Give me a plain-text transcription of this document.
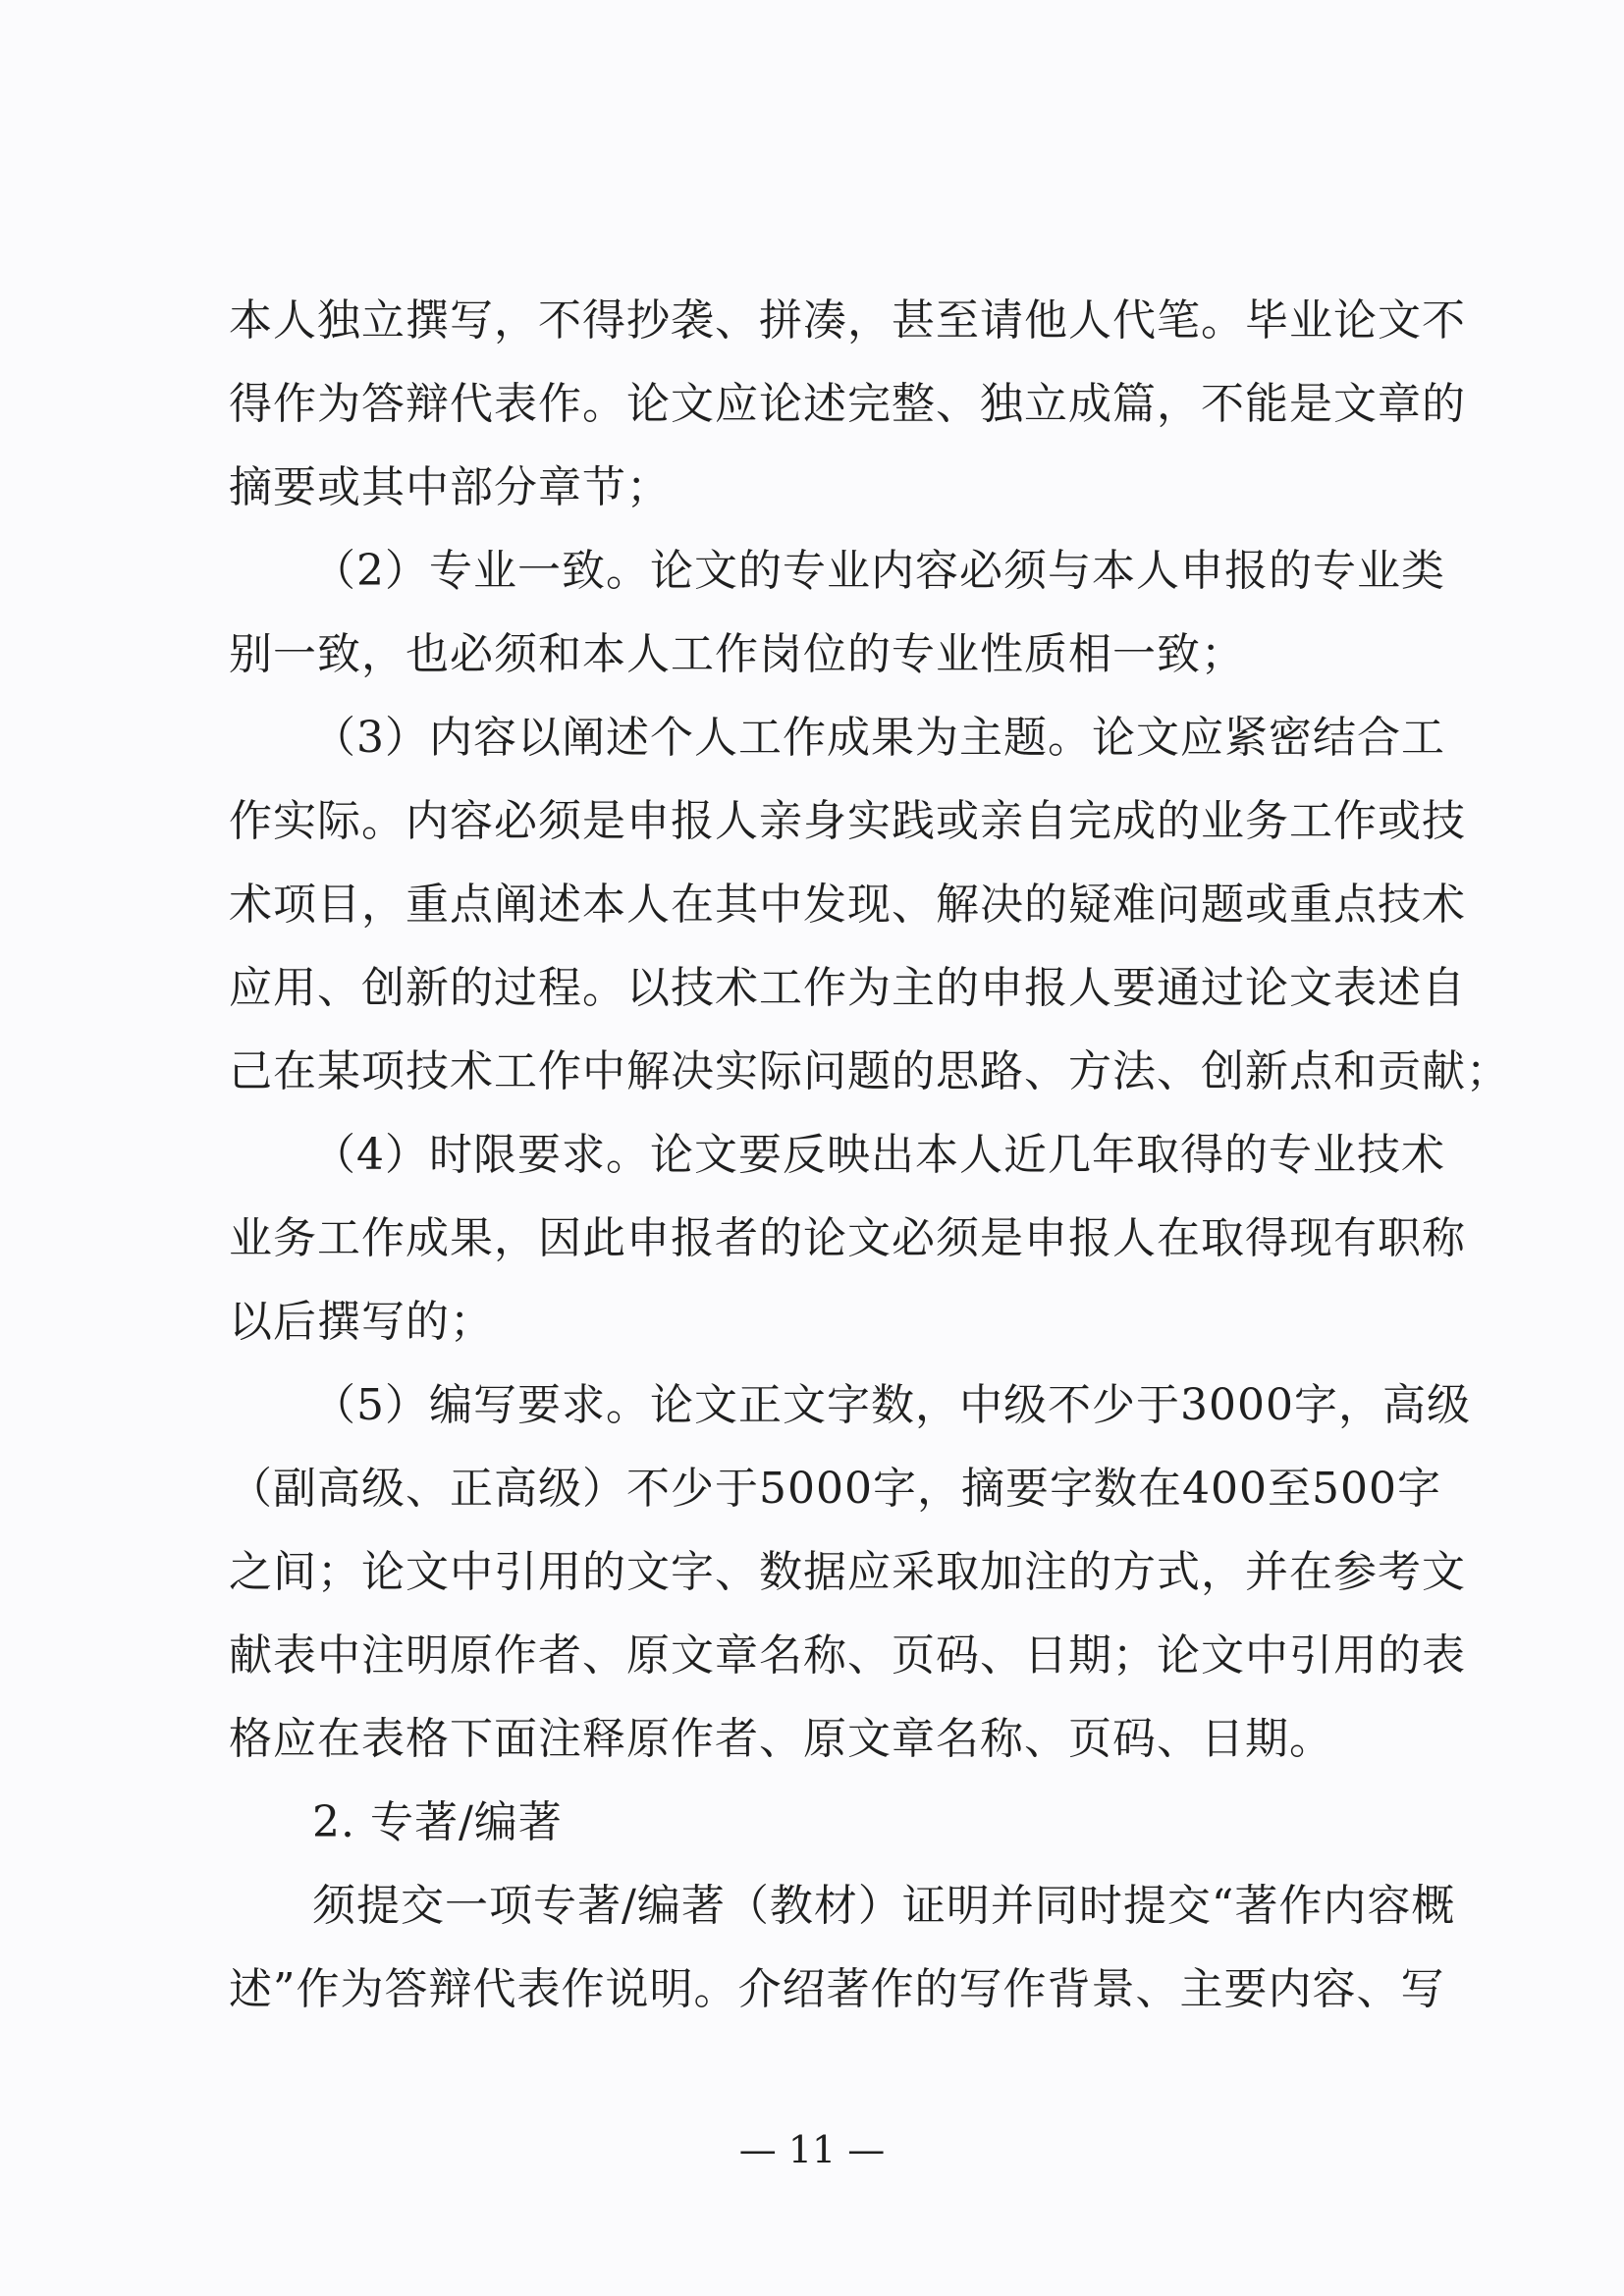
本人独立撰写，不得抄袭、拼凑，甚至请他人代笔。毕业论文不
得作为答辩代表作。论文应论述完整、独立成篇，不能是文章的
摘要或其中部分章节；
（2）专业一致。论文的专业内容必须与本人申报的专业类
别一致，也必须和本人工作岗位的专业性质相一致；
（3）内容以阐述个人工作成果为主题。论文应紧密结合工
作实际。内容必须是申报人亲身实践或亲自完成的业务工作或技
术项目，重点阐述本人在其中发现、解决的疑难问题或重点技术
应用、创新的过程。以技术工作为主的申报人要通过论文表述自
己在某项技术工作中解决实际问题的思路、方法、创新点和贡献；
（4）时限要求。论文要反映出本人近几年取得的专业技术
业务工作成果，因此申报者的论文必须是申报人在取得现有职称
以后撰写的；
（5）编写要求。论文正文字数，中级不少于3000字，高级
（副高级、正高级）不少于5000字，摘要字数在400至500字
之间；论文中引用的文字、数据应采取加注的方式，并在参考文
献表中注明原作者、原文章名称、页码、日期；论文中引用的表
格应在表格下面注释原作者、原文章名称、页码、日期。
2. 专著/编著
须提交一项专著/编著（教材）证明并同时提交“著作内容概
述”作为答辩代表作说明。介绍著作的写作背景、主要内容、写
— 11 —
